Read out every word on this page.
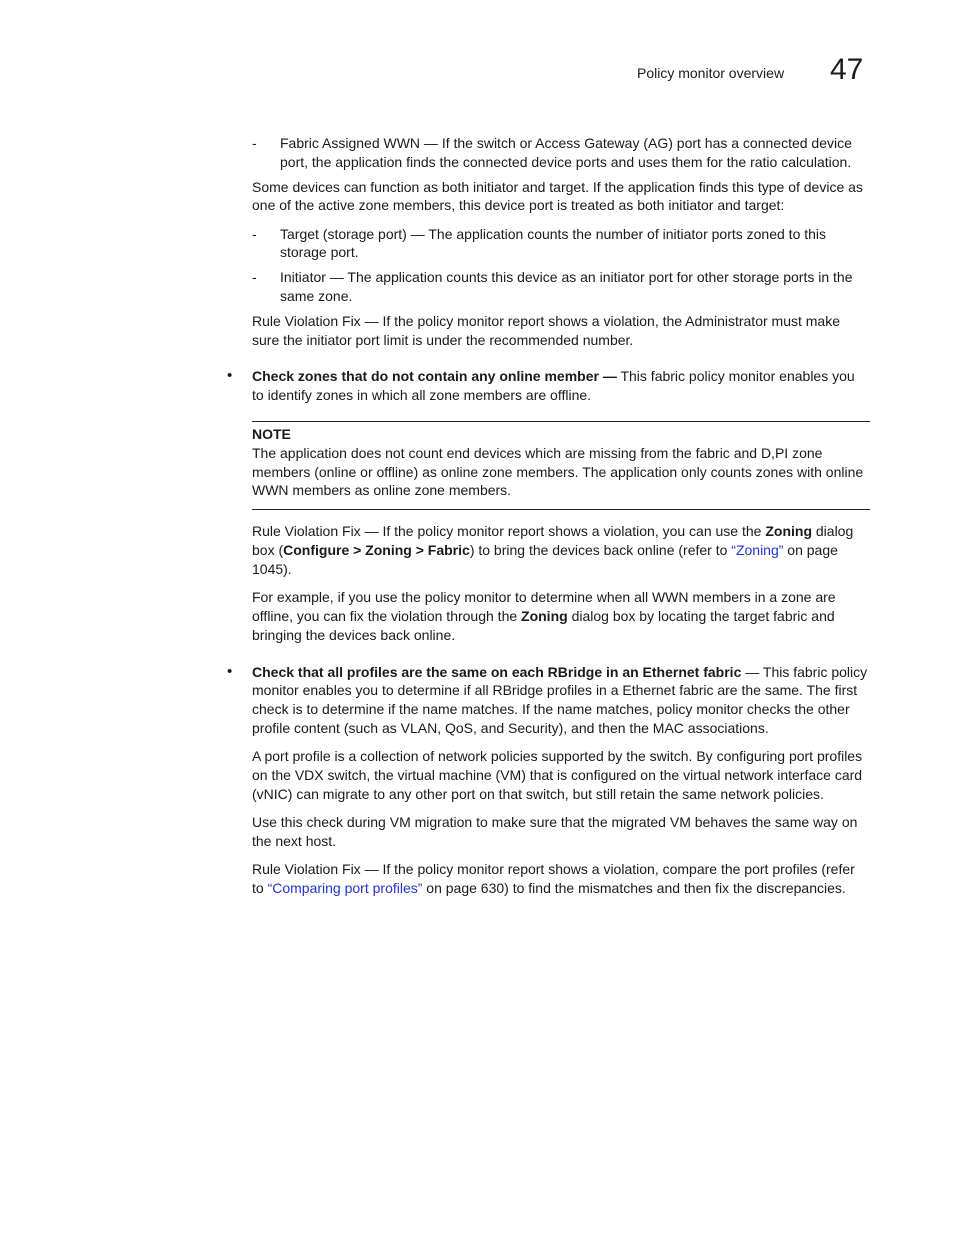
Policy monitor overview 47
- Fabric Assigned WWN — If the switch or Access Gateway (AG) port has a connected device port, the application finds the connected device ports and uses them for the ratio calculation.

Some devices can function as both initiator and target. If the application finds this type of device as one of the active zone members, this device port is treated as both initiator and target:

- Target (storage port) — The application counts the number of initiator ports zoned to this storage port.
- Initiator — The application counts this device as an initiator port for other storage ports in the same zone.

Rule Violation Fix — If the policy monitor report shows a violation, the Administrator must make sure the initiator port limit is under the recommended number.

• Check zones that do not contain any online member — This fabric policy monitor enables you to identify zones in which all zone members are offline.
NOTE
The application does not count end devices which are missing from the fabric and D,PI zone members (online or offline) as online zone members. The application only counts zones with online WWN members as online zone members.

Rule Violation Fix — If the policy monitor report shows a violation, you can use the Zoning dialog box (Configure > Zoning > Fabric) to bring the devices back online (refer to “Zoning” on page 1045).

For example, if you use the policy monitor to determine when all WWN members in a zone are offline, you can fix the violation through the Zoning dialog box by locating the target fabric and bringing the devices back online.

• Check that all profiles are the same on each RBridge in an Ethernet fabric — This fabric policy monitor enables you to determine if all RBridge profiles in a Ethernet fabric are the same. The first check is to determine if the name matches. If the name matches, policy monitor checks the other profile content (such as VLAN, QoS, and Security), and then the MAC associations.

A port profile is a collection of network policies supported by the switch. By configuring port profiles on the VDX switch, the virtual machine (VM) that is configured on the virtual network interface card (vNIC) can migrate to any other port on that switch, but still retain the same network policies.

Use this check during VM migration to make sure that the migrated VM behaves the same way on the next host.

Rule Violation Fix — If the policy monitor report shows a violation, compare the port profiles (refer to “Comparing port profiles” on page 630) to find the mismatches and then fix the discrepancies.
